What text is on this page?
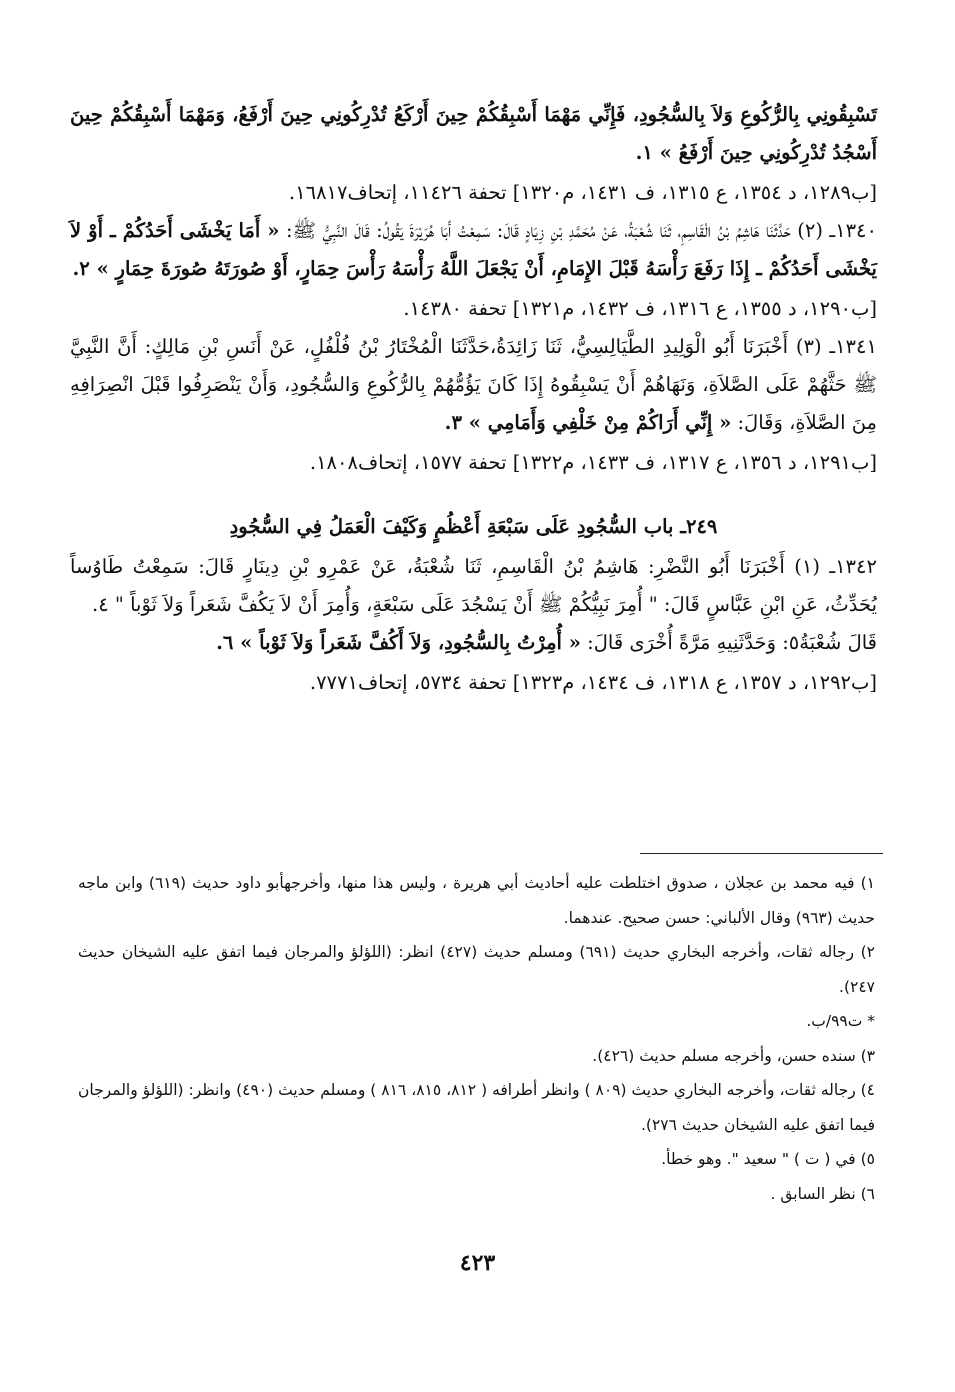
تَسْبِقُونِي بِالرُّكُوعِ وَلاَ بِالسُّجُودِ، فَإِنِّي مَهْمَا أَسْبِقُكُمْ حِينَ أَرْكَعُ تُدْرِكُونِي حِينَ أَرْفَعُ، وَمَهْمَا أَسْبِقُكُمْ حِينَ أَسْجُدُ تُدْرِكُونِي حِينَ أَرْفَعُ » ١.

[ب١٢٨٩، د ١٣٥٤، ع ١٣١٥، ف ١٤٣١، م١٣٢٠] تحفة ١١٤٢٦، إتحاف١٦٨١٧.

١٣٤٠ـ (٢) حَدَّثَنَا هَاشِمُ بْنُ الْقَاسِمِ، ثَنَا شُعْبَةُ، عَنْ مُحَمَّدِ بْنِ زِيَادٍ قَالَ: سَمِعْتُ أَبَا هُرَيْرَةَ يَقُولُ: قَالَ النَّبِيُّ ﷺ: « أَمَا يَخْشَى أَحَدُكُمْ ـ أَوْ لاَ يَخْشَى أَحَدُكُمْ ـ إِذَا رَفَعَ رَأْسَهُ قَبْلَ الإِمَامِ، أَنْ يَجْعَلَ اللَّهُ رَأْسَهُ رَأْسَ حِمَارٍ، أَوْ صُورَتَهُ صُورَةَ حِمَارٍ » ٢.

[ب١٢٩٠، د ١٣٥٥، ع ١٣١٦، ف ١٤٣٢، م١٣٢١] تحفة ١٤٣٨٠.

١٣٤١ـ (٣) أَخْبَرَنَا أَبُو الْوَلِيدِ الطَّيَالِسِيُّ، ثَنَا زَائِدَةُ،حَدَّثَنَا الْمُخْتَارُ بْنُ فُلْفُلٍ، عَنْ أَنَسِ بْنِ مَالِكٍ: أَنَّ النَّبِيَّ ﷺ حَثَّهُمْ عَلَى الصَّلاَةِ، وَنَهَاهُمْ أَنْ يَسْبِقُوهُ إِذَا كَانَ يَؤُمُّهُمْ بِالرُّكُوعِ وَالسُّجُودِ، وَأَنْ يَنْصَرِفُوا قَبْلَ انْصِرَافِهِ مِنَ الصَّلاَةِ، وَقَالَ: « إِنِّي أَرَاكُمْ مِنْ خَلْفِي وَأَمَامِي » ٣.

[ب١٢٩١، د ١٣٥٦، ع ١٣١٧، ف ١٤٣٣، م١٣٢٢] تحفة ١٥٧٧، إتحاف١٨٠٨.

٢٤٩ـ باب السُّجُودِ عَلَى سَبْعَةِ أَعْظُمٍ وَكَيْفَ الْعَمَلُ فِي السُّجُودِ

١٣٤٢ـ (١) أَخْبَرَنَا أَبُو النَّضْرِ: هَاشِمُ بْنُ الْقَاسِمِ، ثَنَا شُعْبَةُ، عَنْ عَمْرِو بْنِ دِينَارٍ قَالَ: سَمِعْتُ طَاوُساً يُحَدِّثُ، عَنِ ابْنِ عَبَّاسٍ قَالَ: " أُمِرَ نَبِيُّكُمْ ﷺ أَنْ يَسْجُدَ عَلَى سَبْعَةٍ، وَأُمِرَ أَنْ لاَ يَكُفَّ شَعَراً وَلاَ ثَوْباً " ٤.

قَالَ شُعْبَةُ٥: وَحَدَّثَنِيهِ مَرَّةً أُخْرَى قَالَ: « أُمِرْتُ بِالسُّجُودِ، وَلاَ أَكُفَّ شَعَراً وَلاَ ثَوْباً » ٦.

[ب١٢٩٢، د ١٣٥٧، ع ١٣١٨، ف ١٤٣٤، م١٣٢٣] تحفة ٥٧٣٤، إتحاف٧٧٧١.

١) فيه محمد بن عجلان ، صدوق اختلطت عليه أحاديث أبي هريرة ، وليس هذا منها، وأخرجهأبو داود حديث (٦١٩) وابن ماجه حديث (٩٦٣) وقال الألباني: حسن صحيح. عندهما.

٢) رجاله ثقات، وأخرجه البخاري حديث (٦٩١) ومسلم حديث (٤٢٧) انظر: (اللؤلؤ والمرجان فيما اتفق عليه الشيخان حديث ٢٤٧).

* ت٩٩/ب.

٣) سنده حسن، وأخرجه مسلم حديث (٤٢٦).

٤) رجاله ثقات، وأخرجه البخاري حديث (٨٠٩ ) وانظر أطرافه ( ٨١٢، ٨١٥، ٨١٦ ) ومسلم حديث (٤٩٠) وانظر: (اللؤلؤ والمرجان فيما اتفق عليه الشيخان حديث ٢٧٦).

٥) في ( ت ) " سعيد ". وهو خطأ.

٦) نظر السابق .

٤٢٣
